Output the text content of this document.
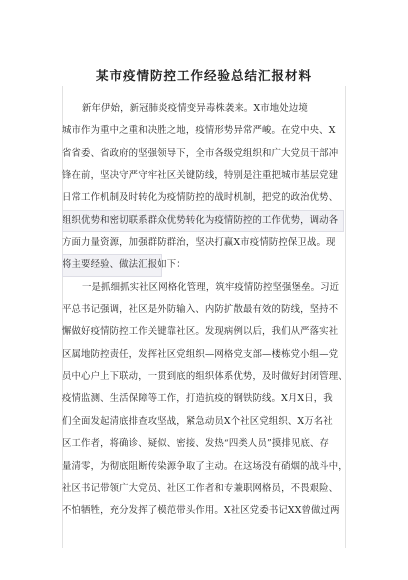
某市疫情防控工作经验总结汇报材料
新年伊始，新冠肺炎疫情变异毒株袭来。X市地处边境
城市作为重中之重和决胜之地，疫情形势异常严峻。在党中央、X
省省委、省政府的坚强领导下，全市各级党组织和广大党员干部冲
锋在前，坚决守严守牢社区关键防线，特别是注重把城市基层党建
日常工作机制及时转化为疫情防控的战时机制，把党的政治优势、
组织优势和密切联系群众优势转化为疫情防控的工作优势，调动各
方面力量资源，加强群防群治，坚决打赢X市疫情防控保卫战。现
将主要经验、做法汇报如下：
一是抓细抓实社区网格化管理，筑牢疫情防控坚强堡垒。习近
平总书记强调，社区是外防输入、内防扩散最有效的防线，坚持不
懈做好疫情防控工作关键靠社区。发现病例以后，我们从严落实社
区属地防控责任，发挥社区党组织—网格党支部—楼栋党小组—党
员中心户上下联动，一贯到底的组织体系优势，及时做好封闭管理、
疫情监测、生活保障等工作，打造抗疫的钢铁防线。X月X日，我
们全面发起清底排查攻坚战，紧急动员X个社区党组织、X万名社
区工作者，将确诊、疑似、密接、发热“四类人员”摸排见底、存
量清零，为彻底阻断传染源争取了主动。在这场没有硝烟的战斗中，
社区书记带领广大党员、社区工作者和专兼职网格员，不畏艰险、
不怕牺牲，充分发挥了模范带头作用。X社区党委书记XX曾做过两
